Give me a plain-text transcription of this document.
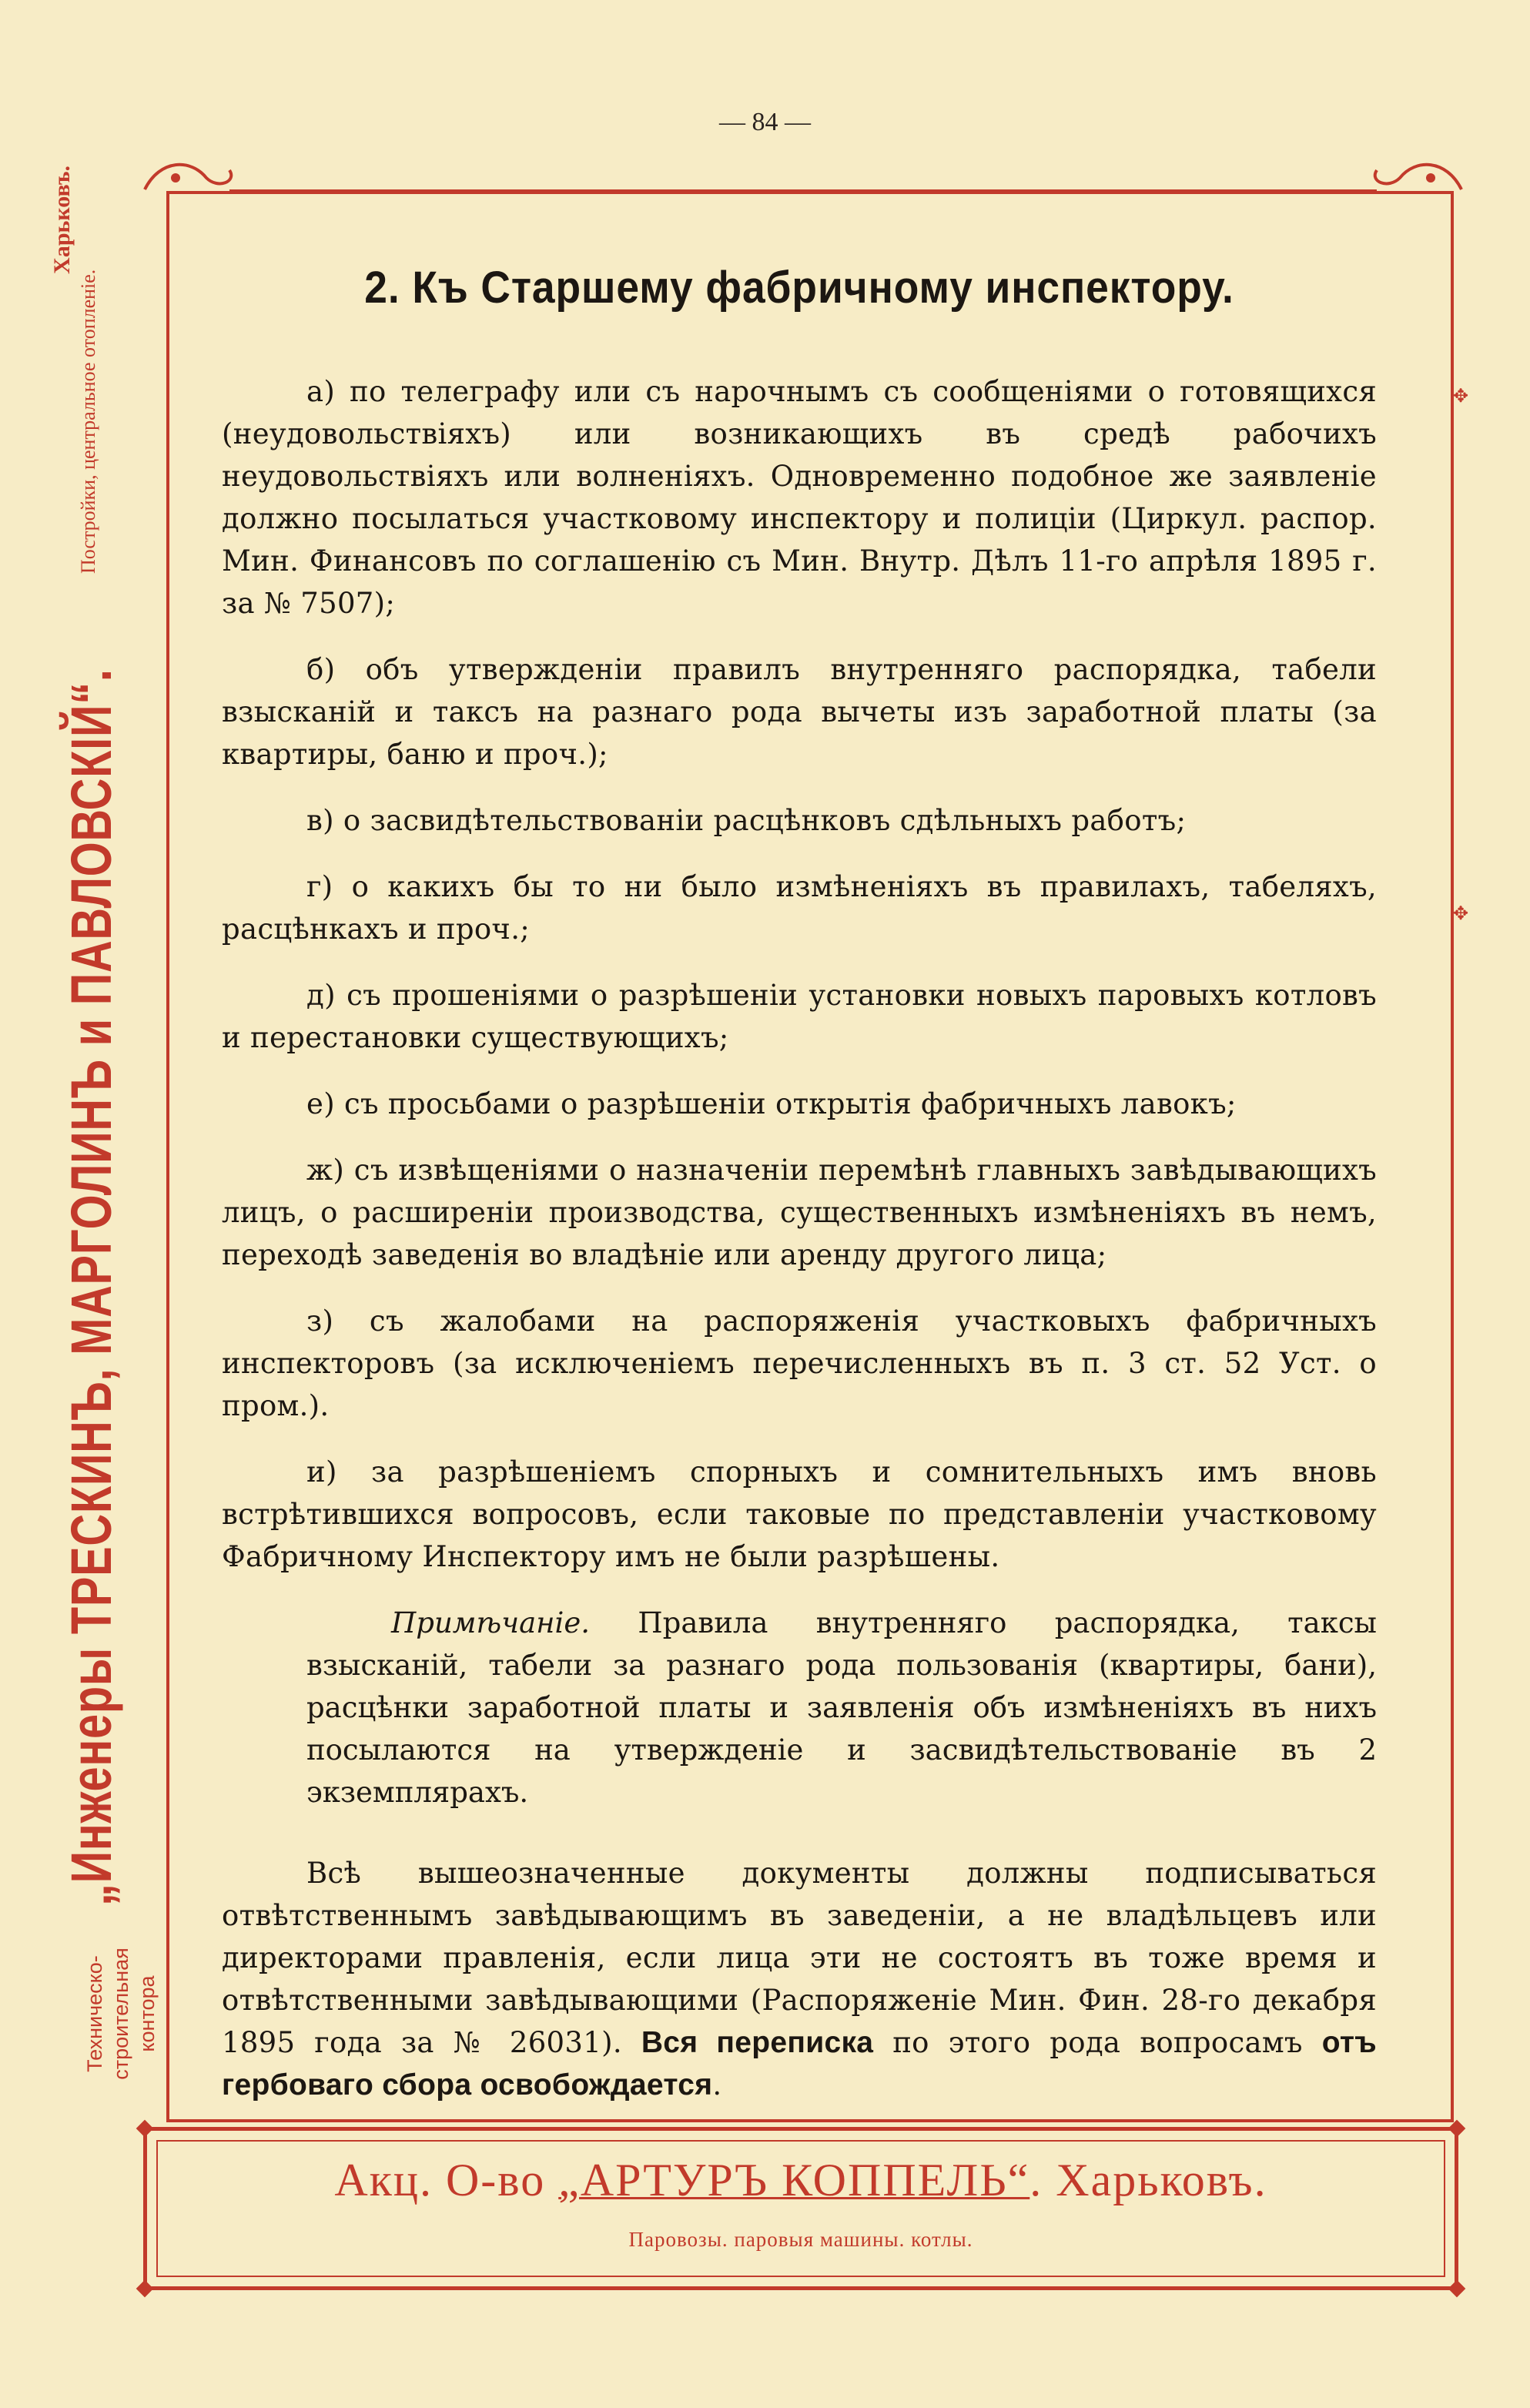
— 84 —
✥

✥
Техническо-строительная контора
„Инженеры ТРЕСКИНЪ, МАРГОЛИНЪ и ПАВЛОВСКІЙ“.
Харьковъ.
Постройки, центральное отопленіе.	2. Къ Старшему фабричному инспектору.

а) по телеграфу или съ нарочнымъ съ сообщеніями о готовящихся (неудовольствіяхъ) или возникающихъ въ средѣ рабочихъ неудовольствіяхъ или волненіяхъ. Одновременно подобное же заявленіе должно посылаться участковому инспектору и полиціи (Циркул. распор. Мин. Финансовъ по соглашенію съ Мин. Внутр. Дѣлъ 11-го апрѣля 1895 г. за № 7507);

б) объ утвержденіи правилъ внутренняго распорядка, табели взысканій и таксъ на разнаго рода вычеты изъ заработной платы (за квартиры, баню и проч.);

в) о засвидѣтельствованіи расцѣнковъ сдѣльныхъ работъ;

г) о какихъ бы то ни было измѣненіяхъ въ правилахъ, табеляхъ, расцѣнкахъ и проч.;

д) съ прошеніями о разрѣшеніи установки новыхъ паровыхъ котловъ и перестановки существующихъ;

е) съ просьбами о разрѣшеніи открытія фабричныхъ лавокъ;

ж) съ извѣщеніями о назначеніи перемѣнѣ главныхъ завѣдывающихъ лицъ, о расширеніи производства, существенныхъ измѣненіяхъ въ немъ, переходѣ заведенія во владѣніе или аренду другого лица;

з) съ жалобами на распоряженія участковыхъ фабричныхъ инспекторовъ (за исключеніемъ перечисленныхъ въ п. 3 ст. 52 Уст. о пром.).

и) за разрѣшеніемъ спорныхъ и сомнительныхъ имъ вновь встрѣтившихся вопросовъ, если таковые по представленіи участковому Фабричному Инспектору имъ не были разрѣшены.

Примѣчаніе. Правила внутренняго распорядка, таксы взысканій, табели за разнаго рода пользованія (квартиры, бани), расцѣнки заработной платы и заявленія объ измѣненіяхъ въ нихъ посылаются на утвержденіе и засвидѣтельствованіе въ 2 экземплярахъ.

Всѣ вышеозначенные документы должны подписываться отвѣтственнымъ завѣдывающимъ въ заведеніи, а не владѣльцевъ или директорами правленія, если лица эти не состоятъ въ тоже время и отвѣтственными завѣдывающими (Распоряженіе Мин. Фин. 28-го декабря 1895 года за № 26031). Вся переписка по этого рода вопросамъ отъ гербоваго сбора освобождается.

Акц. О-во „АРТУРЪ КОППЕЛЬ“. Харьковъ.
Паровозы. паровыя машины. котлы.
